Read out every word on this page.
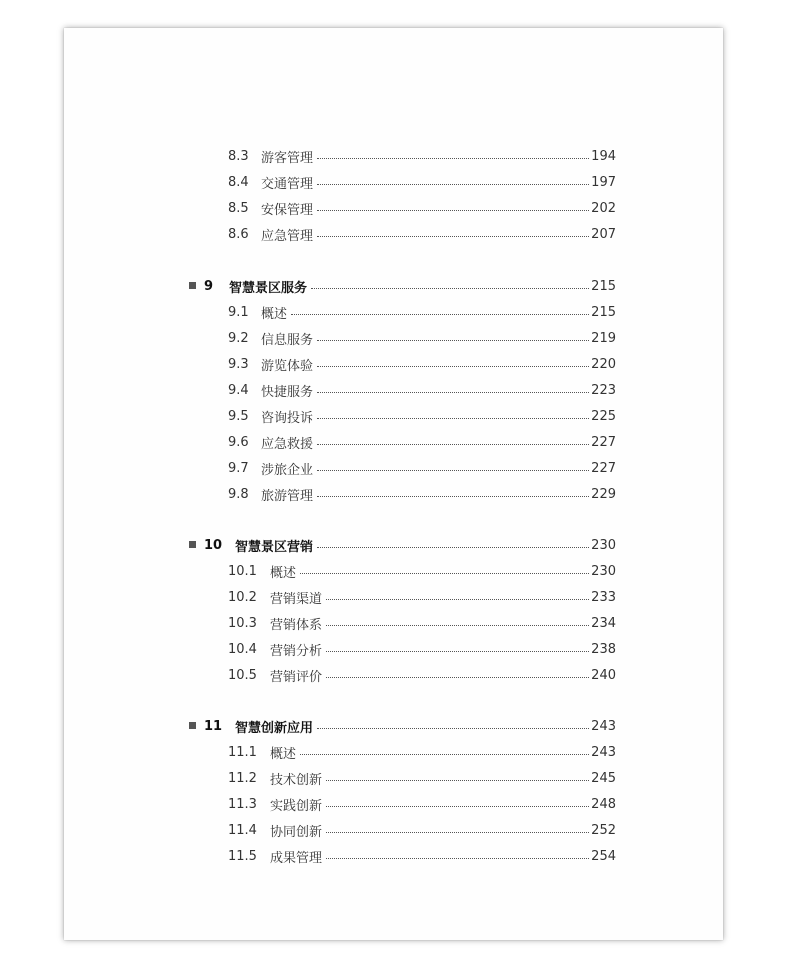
8.3 游客管理	194
8.4 交通管理	197
8.5 安保管理	202
8.6 应急管理	207
9 智慧景区服务	215
9.1 概述	215
9.2 信息服务	219
9.3 游览体验	220
9.4 快捷服务	223
9.5 咨询投诉	225
9.6 应急救援	227
9.7 涉旅企业	227
9.8 旅游管理	229
10 智慧景区营销	230
10.1 概述	230
10.2 营销渠道	233
10.3 营销体系	234
10.4 营销分析	238
10.5 营销评价	240
11 智慧创新应用	243
11.1 概述	243
11.2 技术创新	245
11.3 实践创新	248
11.4 协同创新	252
11.5 成果管理	254
